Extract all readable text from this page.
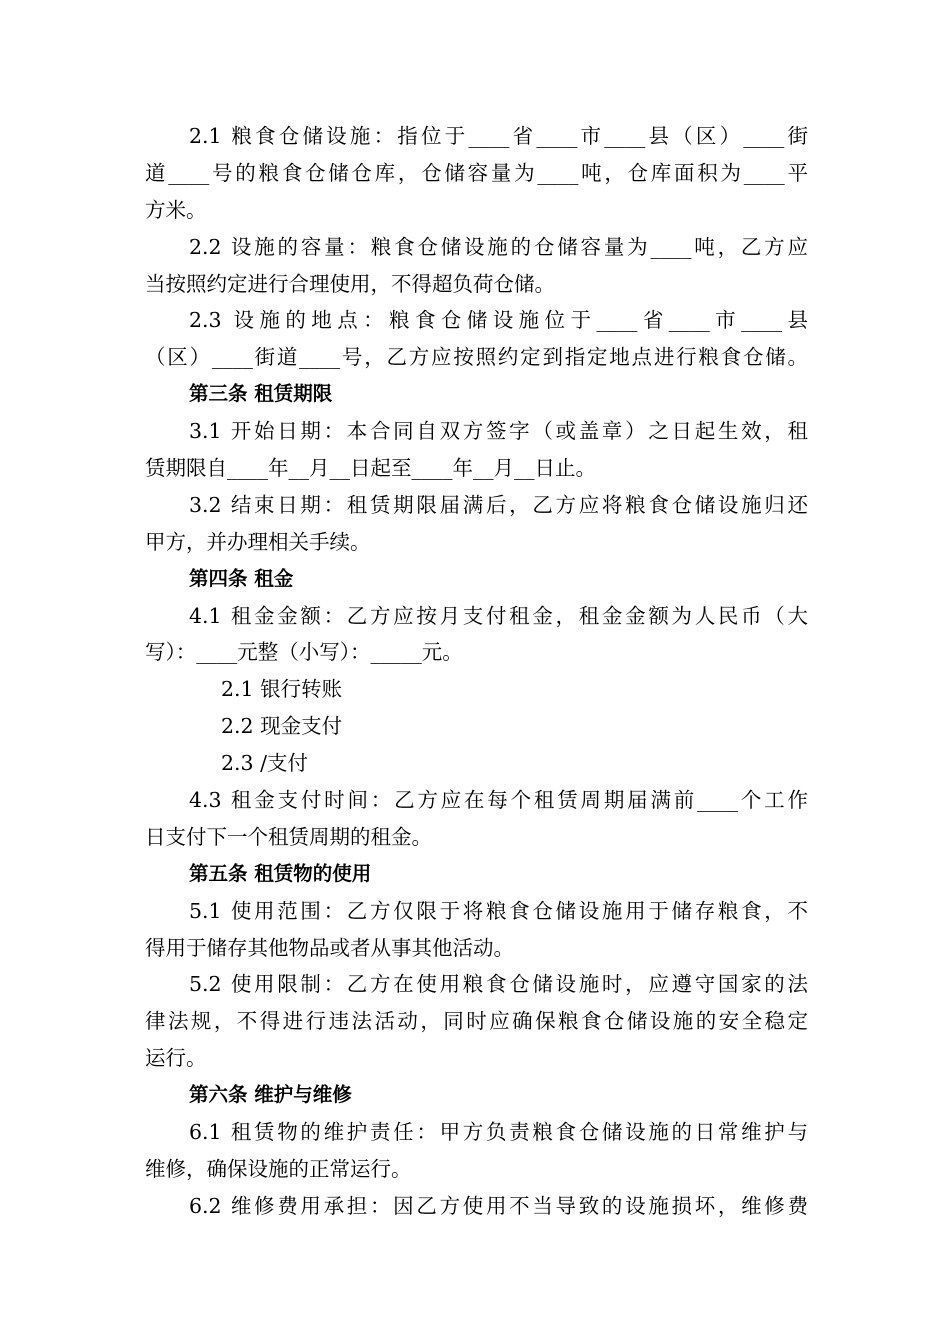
2.1 粮食仓储设施：指位于____省____市____县（区）____街
道____号的粮食仓储仓库，仓储容量为____吨，仓库面积为____平
方米。
2.2 设施的容量：粮食仓储设施的仓储容量为____吨，乙方应
当按照约定进行合理使用，不得超负荷仓储。
2.3 设施的地点：粮食仓储设施位于____省____市____县
（区）____街道____号，乙方应按照约定到指定地点进行粮食仓储。
第三条 租赁期限
3.1 开始日期：本合同自双方签字（或盖章）之日起生效，租
赁期限自____年__月__日起至____年__月__日止。
3.2 结束日期：租赁期限届满后，乙方应将粮食仓储设施归还
甲方，并办理相关手续。
第四条 租金
4.1 租金金额：乙方应按月支付租金，租金金额为人民币（大
写）：____元整（小写）：_____元。
2.1 银行转账
2.2 现金支付
2.3 /支付
4.3 租金支付时间：乙方应在每个租赁周期届满前____个工作
日支付下一个租赁周期的租金。
第五条 租赁物的使用
5.1 使用范围：乙方仅限于将粮食仓储设施用于储存粮食，不
得用于储存其他物品或者从事其他活动。
5.2 使用限制：乙方在使用粮食仓储设施时，应遵守国家的法
律法规，不得进行违法活动，同时应确保粮食仓储设施的安全稳定
运行。
第六条 维护与维修
6.1 租赁物的维护责任：甲方负责粮食仓储设施的日常维护与
维修，确保设施的正常运行。
6.2 维修费用承担：因乙方使用不当导致的设施损坏，维修费
